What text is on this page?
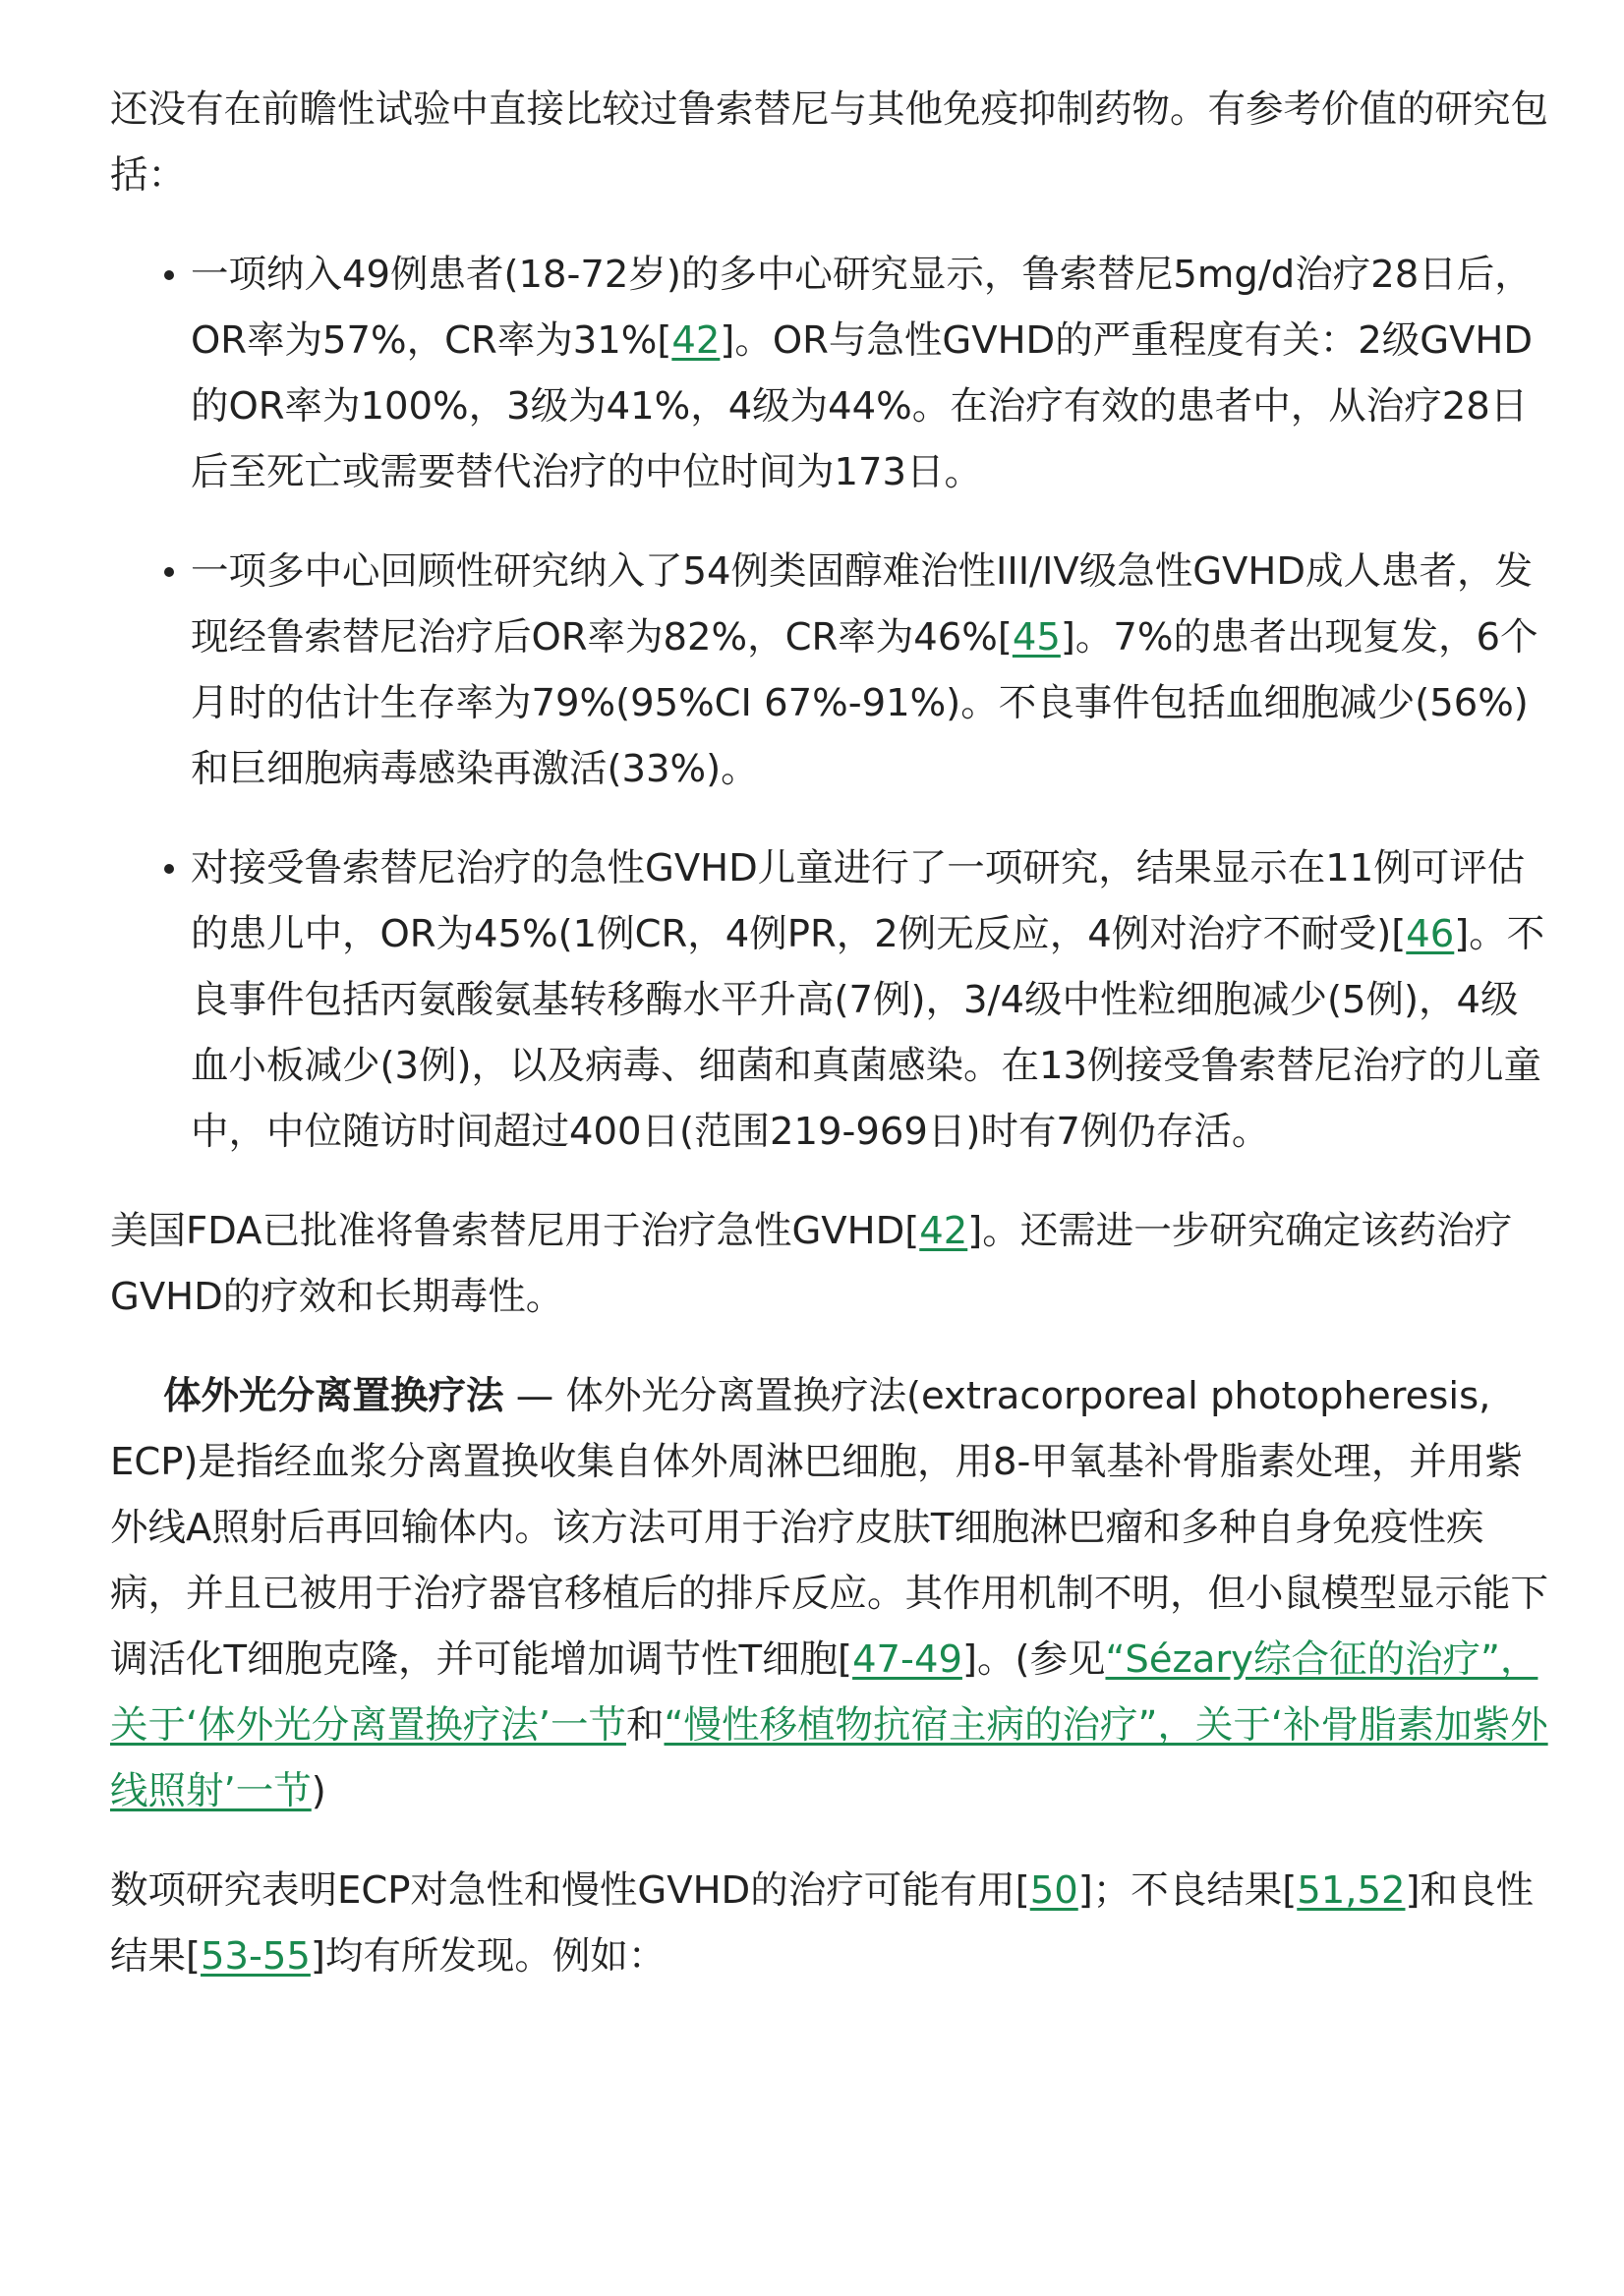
还没有在前瞻性试验中直接比较过鲁索替尼与其他免疫抑制药物。有参考价值的研究包括：

一项纳入49例患者(18-72岁)的多中心研究显示，鲁索替尼5mg/d治疗28日后，OR率为57%，CR率为31%[42]。OR与急性GVHD的严重程度有关：2级GVHD的OR率为100%，3级为41%，4级为44%。在治疗有效的患者中，从治疗28日后至死亡或需要替代治疗的中位时间为173日。
一项多中心回顾性研究纳入了54例类固醇难治性III/IV级急性GVHD成人患者，发现经鲁索替尼治疗后OR率为82%，CR率为46%[45]。7%的患者出现复发，6个月时的估计生存率为79%(95%CI 67%-91%)。不良事件包括血细胞减少(56%)和巨细胞病毒感染再激活(33%)。
对接受鲁索替尼治疗的急性GVHD儿童进行了一项研究，结果显示在11例可评估的患儿中，OR为45%(1例CR，4例PR，2例无反应，4例对治疗不耐受)[46]。不良事件包括丙氨酸氨基转移酶水平升高(7例)，3/4级中性粒细胞减少(5例)，4级血小板减少(3例)，以及病毒、细菌和真菌感染。在13例接受鲁索替尼治疗的儿童中，中位随访时间超过400日(范围219-969日)时有7例仍存活。

美国FDA已批准将鲁索替尼用于治疗急性GVHD[42]。还需进一步研究确定该药治疗GVHD的疗效和长期毒性。

体外光分离置换疗法 — 体外光分离置换疗法(extracorporeal photopheresis, ECP)是指经血浆分离置换收集自体外周淋巴细胞，用8-甲氧基补骨脂素处理，并用紫外线A照射后再回输体内。该方法可用于治疗皮肤T细胞淋巴瘤和多种自身免疫性疾病，并且已被用于治疗器官移植后的排斥反应。其作用机制不明，但小鼠模型显示能下调活化T细胞克隆，并可能增加调节性T细胞[47-49]。(参见“Sézary综合征的治疗”，关于‘体外光分离置换疗法’一节和“慢性移植物抗宿主病的治疗”，关于‘补骨脂素加紫外线照射’一节)

数项研究表明ECP对急性和慢性GVHD的治疗可能有用[50]；不良结果[51,52]和良性结果[53-55]均有所发现。例如：
